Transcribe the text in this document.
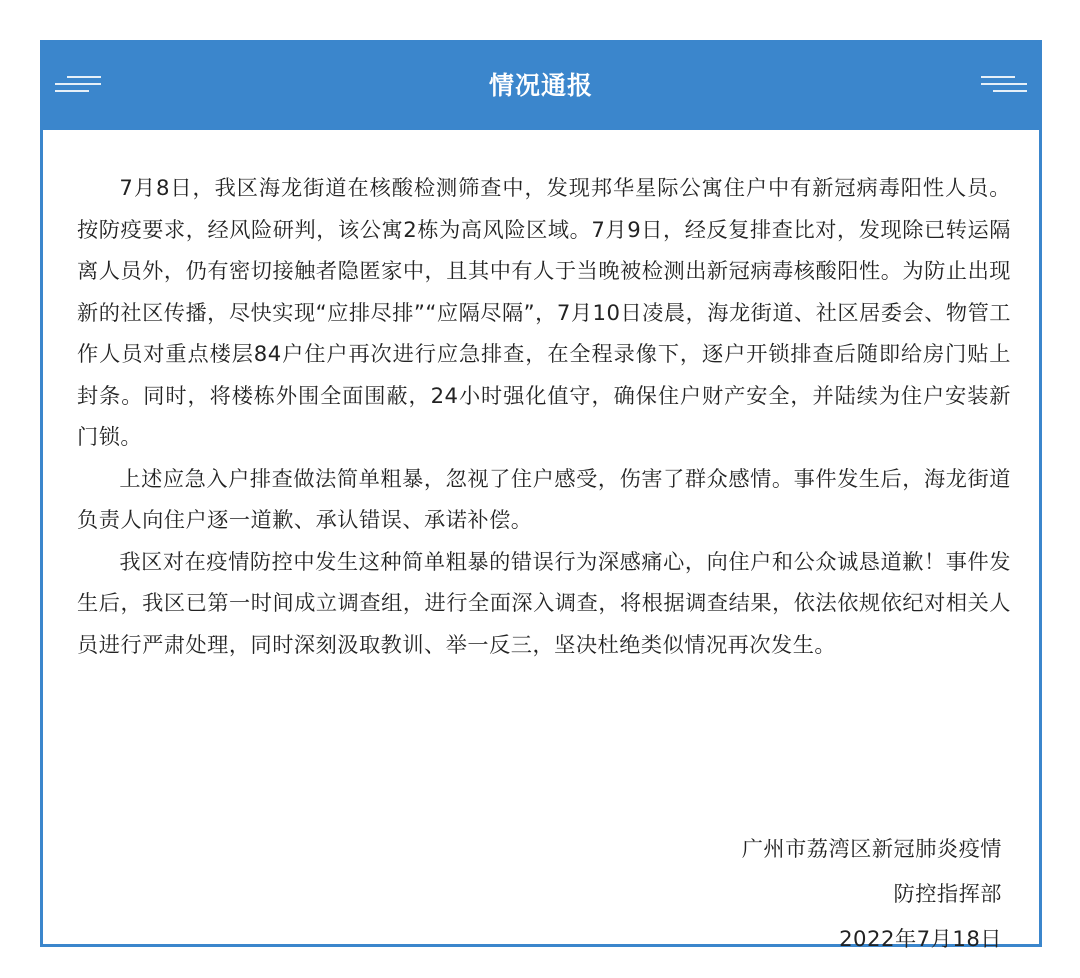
情况通报

7月8日，我区海龙街道在核酸检测筛查中，发现邦华星际公寓住户中有新冠病毒阳性人员。按防疫要求，经风险研判，该公寓2栋为高风险区域。7月9日，经反复排查比对，发现除已转运隔离人员外，仍有密切接触者隐匿家中，且其中有人于当晚被检测出新冠病毒核酸阳性。为防止出现新的社区传播，尽快实现“应排尽排”“应隔尽隔”，7月10日凌晨，海龙街道、社区居委会、物管工作人员对重点楼层84户住户再次进行应急排查，在全程录像下，逐户开锁排查后随即给房门贴上封条。同时，将楼栋外围全面围蔽，24小时强化值守，确保住户财产安全，并陆续为住户安装新门锁。

上述应急入户排查做法简单粗暴，忽视了住户感受，伤害了群众感情。事件发生后，海龙街道负责人向住户逐一道歉、承认错误、承诺补偿。

我区对在疫情防控中发生这种简单粗暴的错误行为深感痛心，向住户和公众诚恳道歉！事件发生后，我区已第一时间成立调查组，进行全面深入调查，将根据调查结果，依法依规依纪对相关人员进行严肃处理，同时深刻汲取教训、举一反三，坚决杜绝类似情况再次发生。

广州市荔湾区新冠肺炎疫情
防控指挥部
2022年7月18日
